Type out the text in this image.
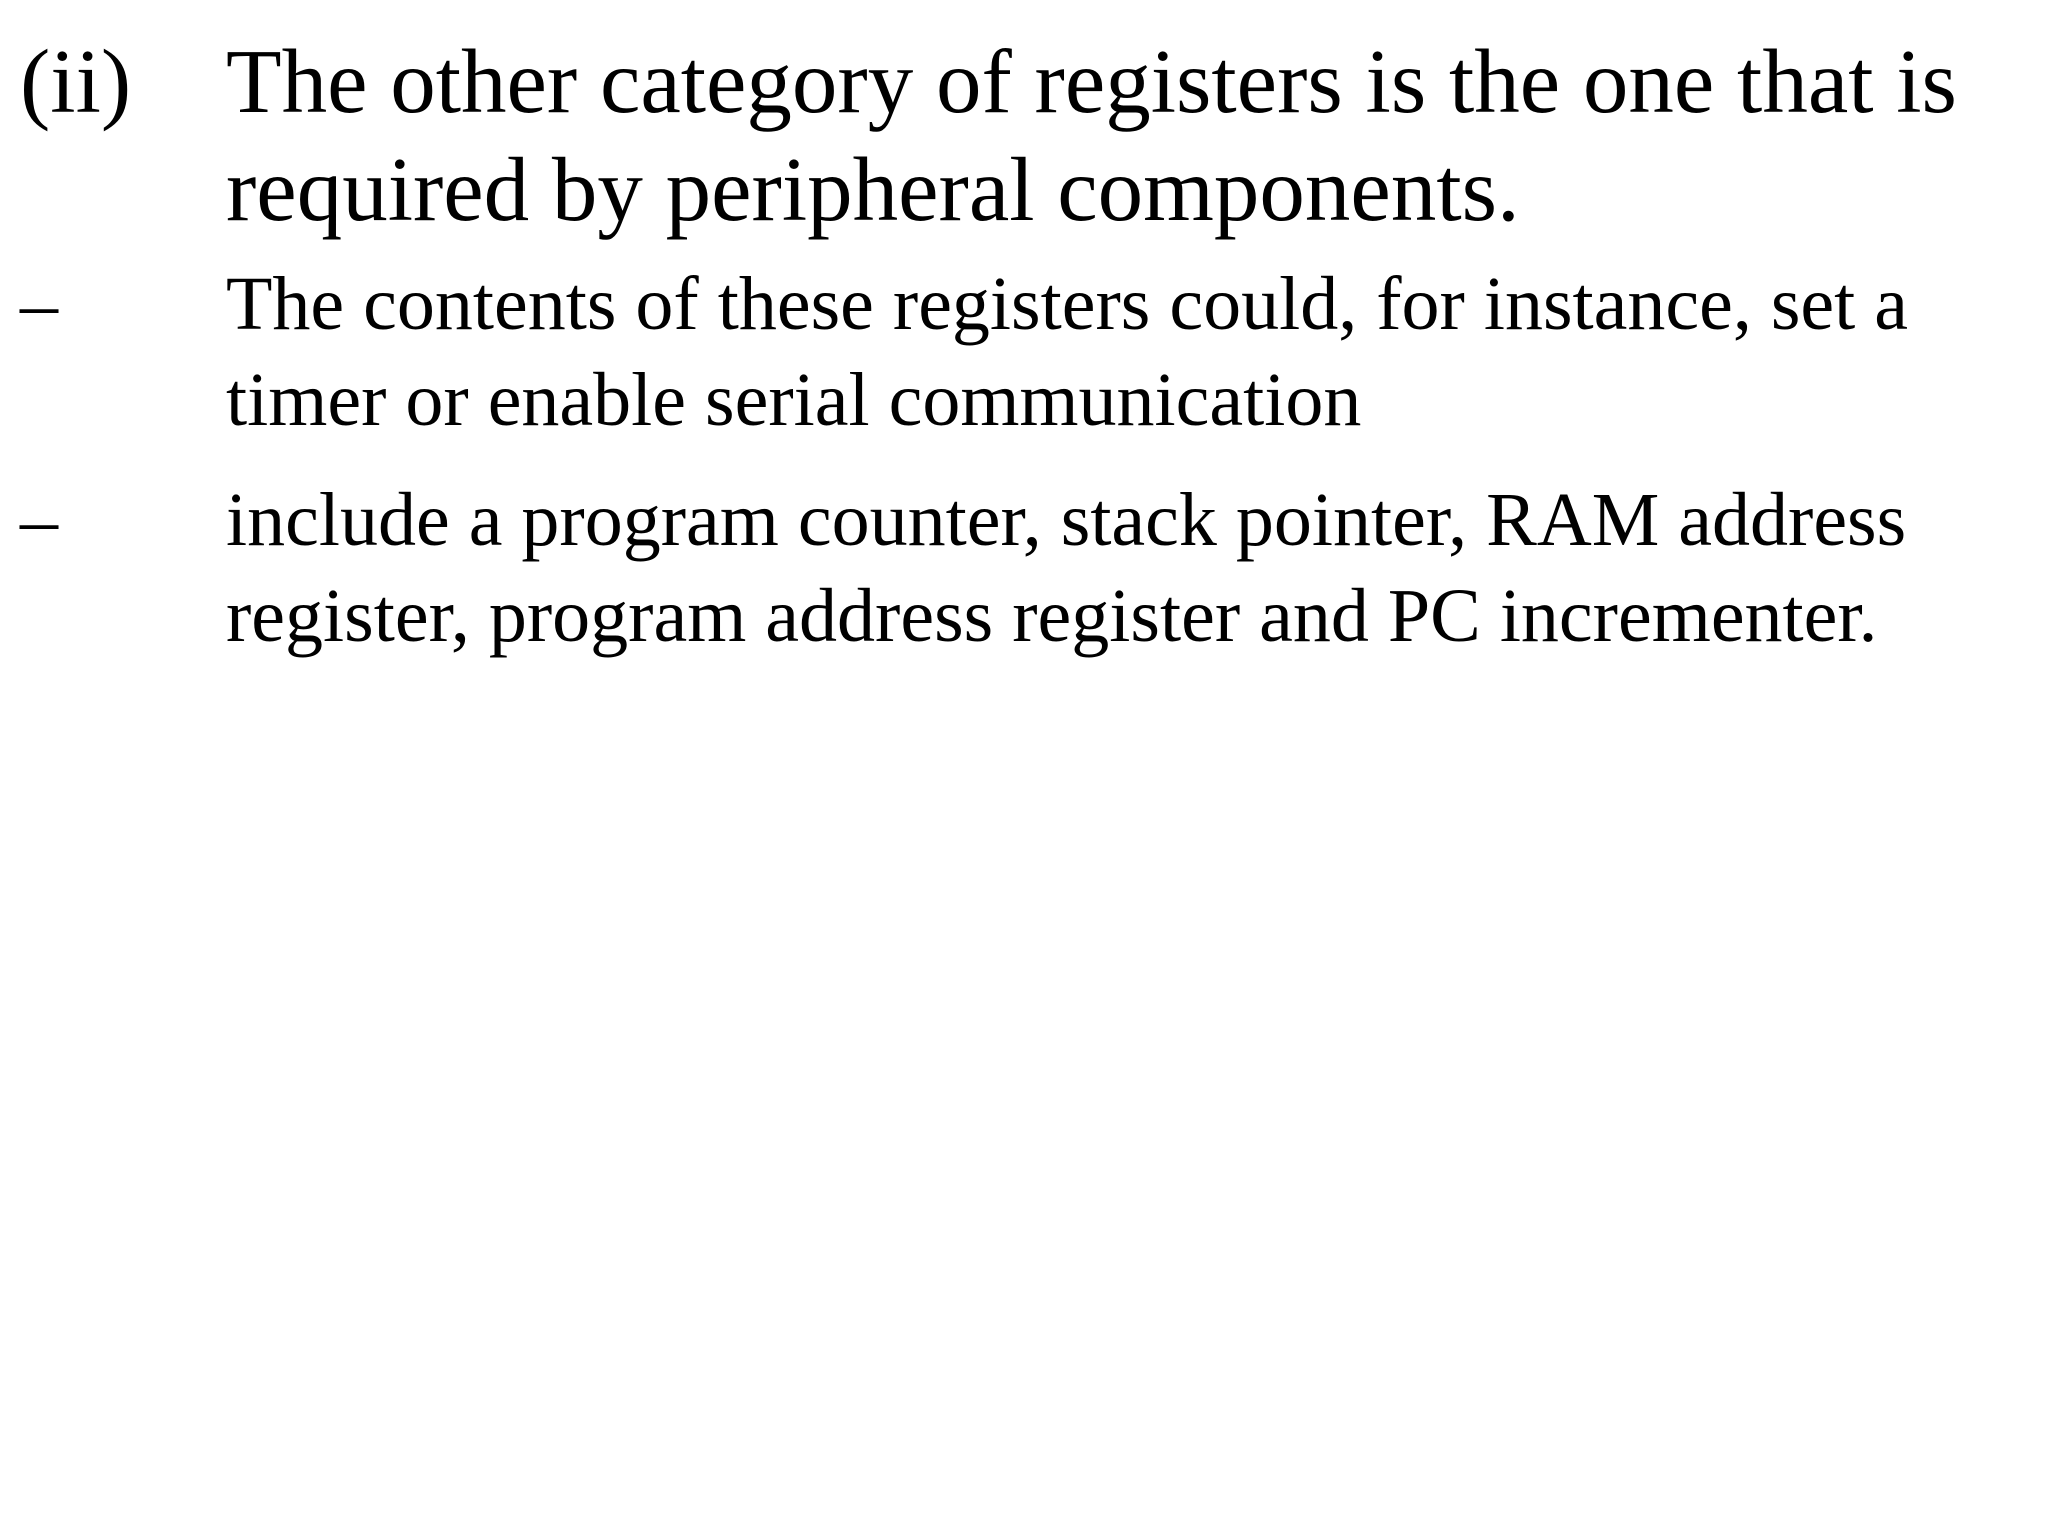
(ii) The other category of registers is the one that is
required by peripheral components.
– The contents of these registers could, for instance, set a
timer or enable serial communication
– include a program counter, stack pointer, RAM address
register, program address register and PC incrementer.
